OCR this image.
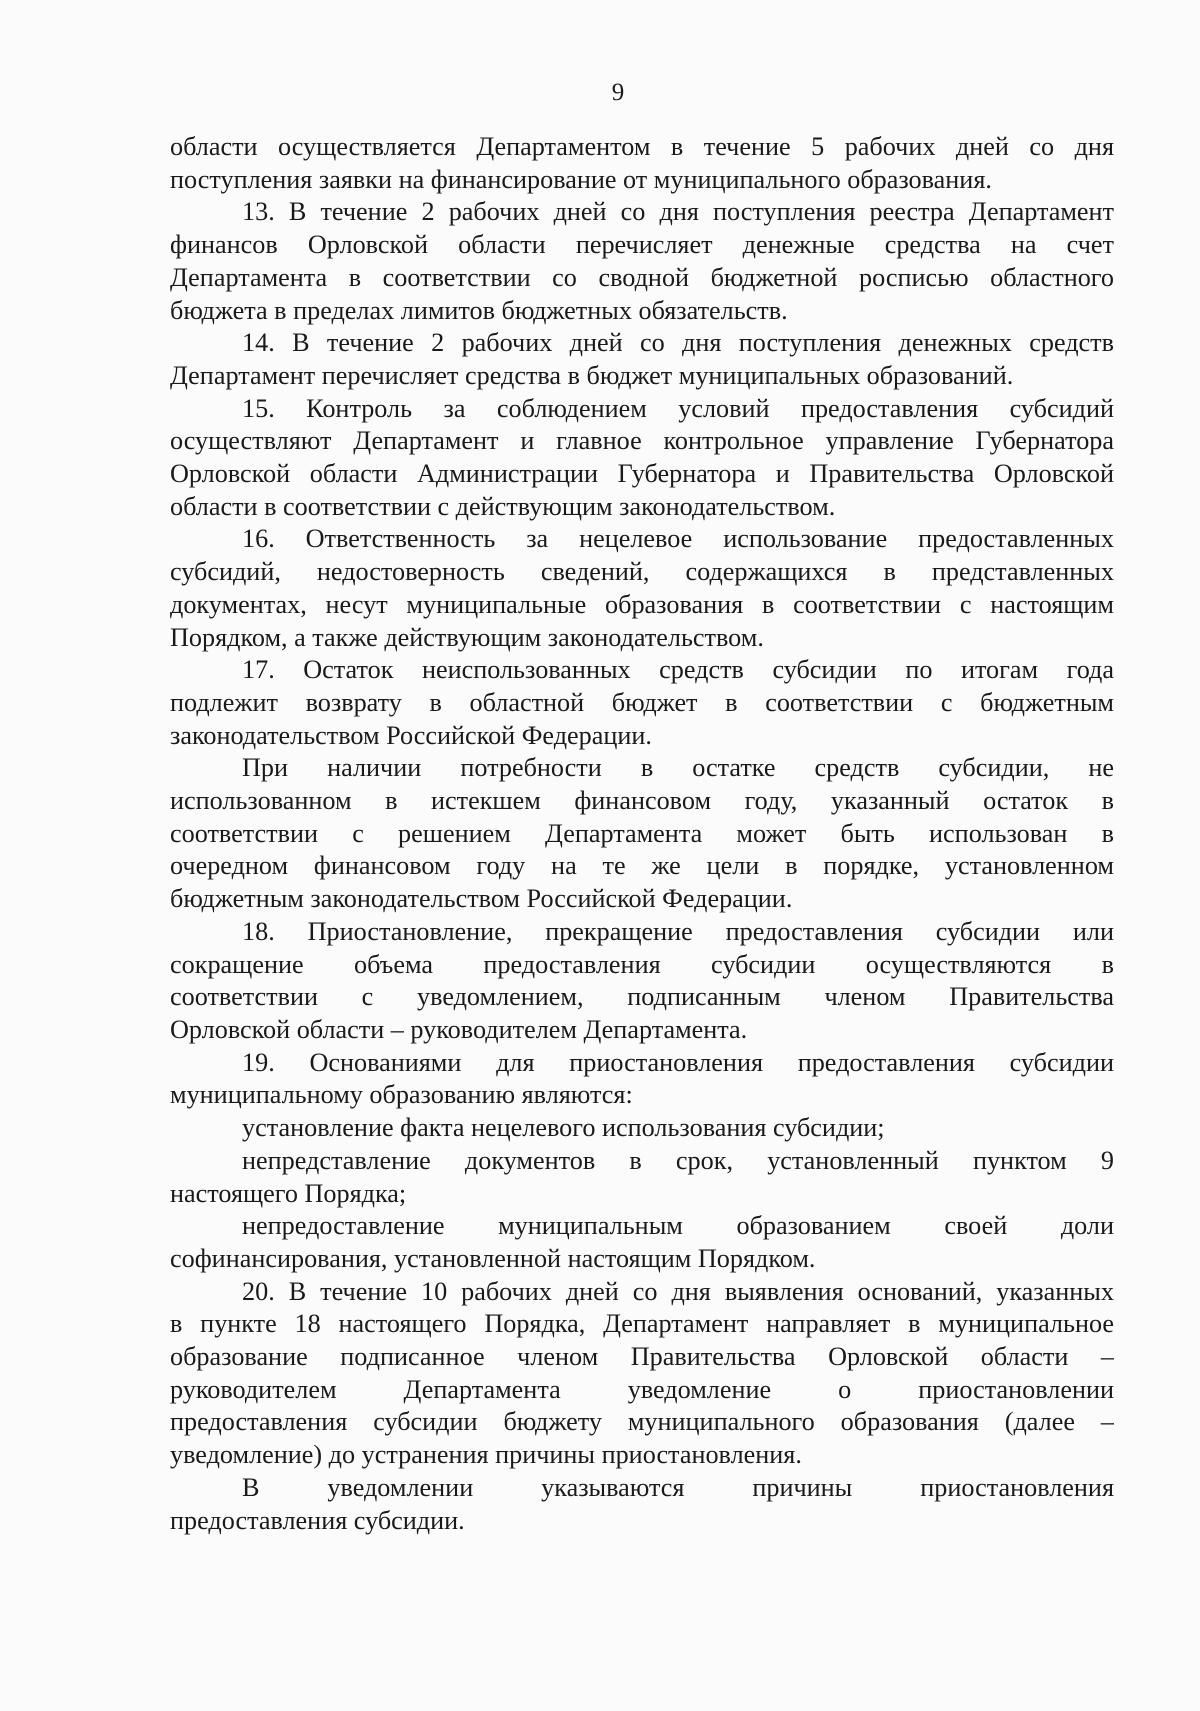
9
области осуществляется Департаментом в течение 5 рабочих дней со дня
поступления заявки на финансирование от муниципального образования.
13. В течение 2 рабочих дней со дня поступления реестра Департамент
финансов Орловской области перечисляет денежные средства на счет
Департамента в соответствии со сводной бюджетной росписью областного
бюджета в пределах лимитов бюджетных обязательств.
14. В течение 2 рабочих дней со дня поступления денежных средств
Департамент перечисляет средства в бюджет муниципальных образований.
15. Контроль за соблюдением условий предоставления субсидий
осуществляют Департамент и главное контрольное управление Губернатора
Орловской области Администрации Губернатора и Правительства Орловской
области в соответствии с действующим законодательством.
16. Ответственность за нецелевое использование предоставленных
субсидий, недостоверность сведений, содержащихся в представленных
документах, несут муниципальные образования в соответствии с настоящим
Порядком, а также действующим законодательством.
17. Остаток неиспользованных средств субсидии по итогам года
подлежит возврату в областной бюджет в соответствии с бюджетным
законодательством Российской Федерации.
При наличии потребности в остатке средств субсидии, не
использованном в истекшем финансовом году, указанный остаток в
соответствии с решением Департамента может быть использован в
очередном финансовом году на те же цели в порядке, установленном
бюджетным законодательством Российской Федерации.
18. Приостановление, прекращение предоставления субсидии или
сокращение объема предоставления субсидии осуществляются в
соответствии с уведомлением, подписанным членом Правительства
Орловской области – руководителем Департамента.
19. Основаниями для приостановления предоставления субсидии
муниципальному образованию являются:
установление факта нецелевого использования субсидии;
непредставление документов в срок, установленный пунктом 9
настоящего Порядка;
непредоставление муниципальным образованием своей доли
софинансирования, установленной настоящим Порядком.
20. В течение 10 рабочих дней со дня выявления оснований, указанных
в пункте 18 настоящего Порядка, Департамент направляет в муниципальное
образование подписанное членом Правительства Орловской области –
руководителем Департамента уведомление о приостановлении
предоставления субсидии бюджету муниципального образования (далее –
уведомление) до устранения причины приостановления.
В уведомлении указываются причины приостановления
предоставления субсидии.
